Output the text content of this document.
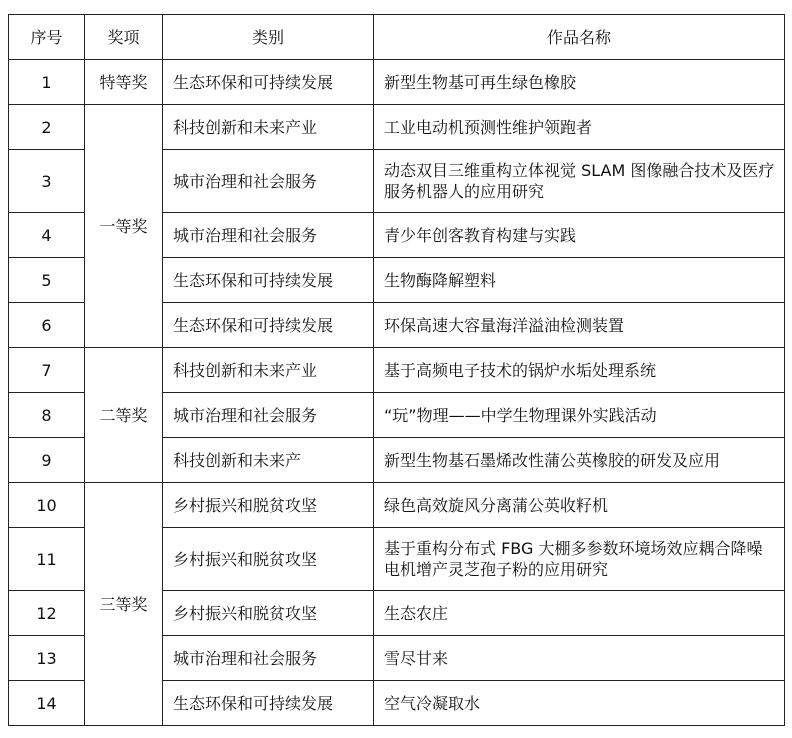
序号	奖项	类别	作品名称
1	特等奖	生态环保和可持续发展	新型生物基可再生绿色橡胶
2	一等奖	科技创新和未来产业	工业电动机预测性维护领跑者
3		城市治理和社会服务	动态双目三维重构立体视觉 SLAM 图像融合技术及医疗服务机器人的应用研究
4		城市治理和社会服务	青少年创客教育构建与实践
5		生态环保和可持续发展	生物酶降解塑料
6		生态环保和可持续发展	环保高速大容量海洋溢油检测装置
7	二等奖	科技创新和未来产业	基于高频电子技术的锅炉水垢处理系统
8		城市治理和社会服务	“玩”物理——中学生物理课外实践活动
9		科技创新和未来产	新型生物基石墨烯改性蒲公英橡胶的研发及应用
10	三等奖	乡村振兴和脱贫攻坚	绿色高效旋风分离蒲公英收籽机
11		乡村振兴和脱贫攻坚	基于重构分布式 FBG 大棚多参数环境场效应耦合降噪电机增产灵芝孢子粉的应用研究
12		乡村振兴和脱贫攻坚	生态农庄
13		城市治理和社会服务	雪尽甘来
14		生态环保和可持续发展	空气冷凝取水
